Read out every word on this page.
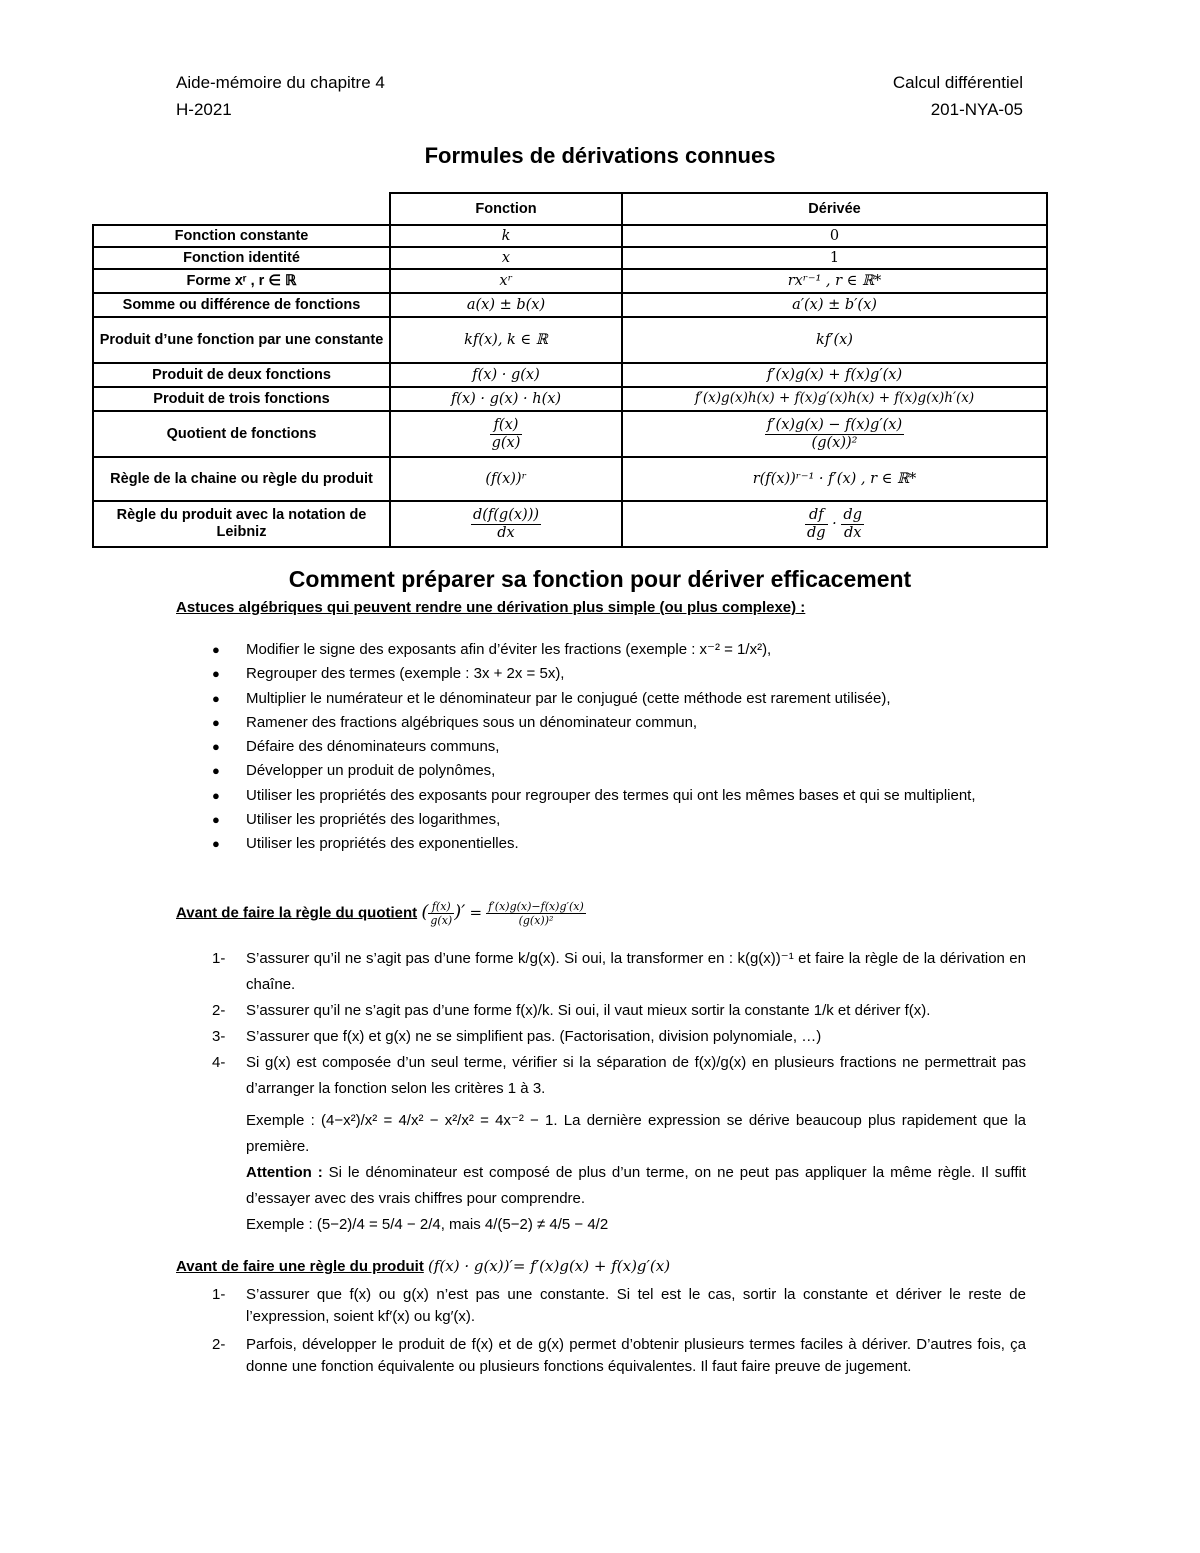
Aide-mémoire du chapitre 4
H-2021
Calcul différentiel
201-NYA-05
Formules de dérivations connues
	Fonction	Dérivée
Fonction constante	k	0
Fonction identité	x	1
Forme xʳ , r ∈ ℝ	xʳ	rxʳ⁻¹ , r ∈ ℝ*
Somme ou différence de fonctions	a(x) ± b(x)	a′(x) ± b′(x)
Produit d’une fonction par une constante	kf(x), k ∈ ℝ	kf′(x)
Produit de deux fonctions	f(x) · g(x)	f′(x)g(x) + f(x)g′(x)
Produit de trois fonctions	f(x) · g(x) · h(x)	f′(x)g(x)h(x) + f(x)g′(x)h(x) + f(x)g(x)h′(x)
Quotient de fonctions	$\frac{f(x)}{g(x)}$	$\frac{f'(x)g(x) - f(x)g'(x)}{\text{(g(x))²}}$

Règle de la chaine ou règle du produit	(f(x))ʳ	r(f(x))ʳ⁻¹ · f′(x) , r ∈ ℝ*
Règle du produit avec la notation de Leibniz	$\frac{d(f(g(x)))}{dx}$	$\frac{df}{dg} \cdot \frac{dg}{dx}$
Comment préparer sa fonction pour dériver efficacement
Astuces algébriques qui peuvent rendre une dérivation plus simple (ou plus complexe) :
● Modifier le signe des exposants afin d’éviter les fractions (exemple : x⁻² = 1/x²),
● Regrouper des termes (exemple : 3x + 2x = 5x),
● Multiplier le numérateur et le dénominateur par le conjugué (cette méthode est rarement utilisée),
● Ramener des fractions algébriques sous un dénominateur commun,
● Défaire des dénominateurs communs,
● Développer un produit de polynômes,
● Utiliser les propriétés des exposants pour regrouper des termes qui ont les mêmes bases et qui se multiplient,
● Utiliser les propriétés des logarithmes,
● Utiliser les propriétés des exponentielles.
Avant de faire la règle du quotient ( $\frac{f(x)}{g(x)}$ )′ = $\frac{f'(x)g(x)-f(x)g'(x)}{\text{(g(x))²}}$
1- S’assurer qu’il ne s’agit pas d’une forme k/g(x). Si oui, la transformer en : k(g(x))⁻¹ et faire la règle de la dérivation en chaîne.
2- S’assurer qu’il ne s’agit pas d’une forme f(x)/k. Si oui, il vaut mieux sortir la constante 1/k et dériver f(x).
3- S’assurer que f(x) et g(x) ne se simplifient pas. (Factorisation, division polynomiale, …)
4- Si g(x) est composée d’un seul terme, vérifier si la séparation de f(x)/g(x) en plusieurs fractions ne permettrait pas d’arranger la fonction selon les critères 1 à 3.
Exemple : (4−x²)/x² = 4/x² − x²/x² = 4x⁻² − 1. La dernière expression se dérive beaucoup plus rapidement que la première.
Attention : Si le dénominateur est composé de plus d’un terme, on ne peut pas appliquer la même règle. Il suffit d’essayer avec des vrais chiffres pour comprendre.
Exemple : (5−2)/4 = 5/4 − 2/4, mais 4/(5−2) ≠ 4/5 − 4/2
Avant de faire une règle du produit (f(x) · g(x))′= f′(x)g(x) + f(x)g′(x)
1- S’assurer que f(x) ou g(x) n’est pas une constante. Si tel est le cas, sortir la constante et dériver le reste de l’expression, soient kf′(x) ou kg′(x).
2- Parfois, développer le produit de f(x) et de g(x) permet d’obtenir plusieurs termes faciles à dériver. D’autres fois, ça donne une fonction équivalente ou plusieurs fonctions équivalentes. Il faut faire preuve de jugement.
